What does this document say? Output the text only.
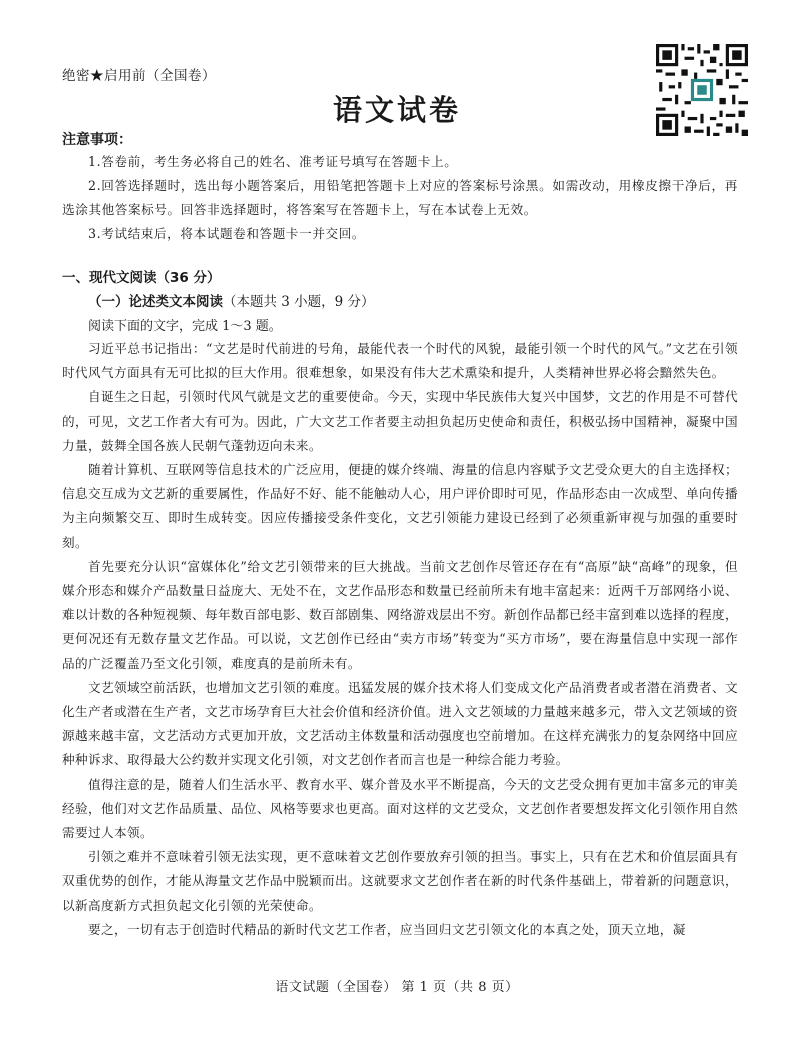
绝密★启用前（全国卷）
语文试卷
注意事项：

1.答卷前，考生务必将自己的姓名、准考证号填写在答题卡上。

2.回答选择题时，选出每小题答案后，用铅笔把答题卡上对应的答案标号涂黑。如需改动，用橡皮擦干净后，再选涂其他答案标号。回答非选择题时，将答案写在答题卡上，写在本试卷上无效。

3.考试结束后，将本试题卷和答题卡一并交回。

一、现代文阅读（36 分）
（一）论述类文本阅读（本题共 3 小题，9 分）
阅读下面的文字，完成 1～3 题。

习近平总书记指出：“文艺是时代前进的号角，最能代表一个时代的风貌，最能引领一个时代的风气。”文艺在引领时代风气方面具有无可比拟的巨大作用。很难想象，如果没有伟大艺术熏染和提升，人类精神世界必将会黯然失色。

自诞生之日起，引领时代风气就是文艺的重要使命。今天，实现中华民族伟大复兴中国梦，文艺的作用是不可替代的，可见，文艺工作者大有可为。因此，广大文艺工作者要主动担负起历史使命和责任，积极弘扬中国精神，凝聚中国力量，鼓舞全国各族人民朝气蓬勃迈向未来。

随着计算机、互联网等信息技术的广泛应用，便捷的媒介终端、海量的信息内容赋予文艺受众更大的自主选择权；信息交互成为文艺新的重要属性，作品好不好、能不能触动人心，用户评价即时可见，作品形态由一次成型、单向传播为主向频繁交互、即时生成转变。因应传播接受条件变化，文艺引领能力建设已经到了必须重新审视与加强的重要时刻。

首先要充分认识“富媒体化”给文艺引领带来的巨大挑战。当前文艺创作尽管还存在有“高原”缺“高峰”的现象，但媒介形态和媒介产品数量日益庞大、无处不在，文艺作品形态和数量已经前所未有地丰富起来：近两千万部网络小说、难以计数的各种短视频、每年数百部电影、数百部剧集、网络游戏层出不穷。新创作品都已经丰富到难以选择的程度，更何况还有无数存量文艺作品。可以说，文艺创作已经由“卖方市场”转变为“买方市场”，要在海量信息中实现一部作品的广泛覆盖乃至文化引领，难度真的是前所未有。

文艺领域空前活跃，也增加文艺引领的难度。迅猛发展的媒介技术将人们变成文化产品消费者或者潜在消费者、文化生产者或潜在生产者，文艺市场孕育巨大社会价值和经济价值。进入文艺领域的力量越来越多元，带入文艺领域的资源越来越丰富，文艺活动方式更加开放，文艺活动主体数量和活动强度也空前增加。在这样充满张力的复杂网络中回应种种诉求、取得最大公约数并实现文化引领，对文艺创作者而言也是一种综合能力考验。

值得注意的是，随着人们生活水平、教育水平、媒介普及水平不断提高，今天的文艺受众拥有更加丰富多元的审美经验，他们对文艺作品质量、品位、风格等要求也更高。面对这样的文艺受众，文艺创作者要想发挥文化引领作用自然需要过人本领。

引领之难并不意味着引领无法实现，更不意味着文艺创作要放弃引领的担当。事实上，只有在艺术和价值层面具有双重优势的创作，才能从海量文艺作品中脱颖而出。这就要求文艺创作者在新的时代条件基础上，带着新的问题意识，以新高度新方式担负起文化引领的光荣使命。

要之，一切有志于创造时代精品的新时代文艺工作者，应当回归文艺引领文化的本真之处，顶天立地，凝

语文试题（全国卷） 第 1 页（共 8 页）
